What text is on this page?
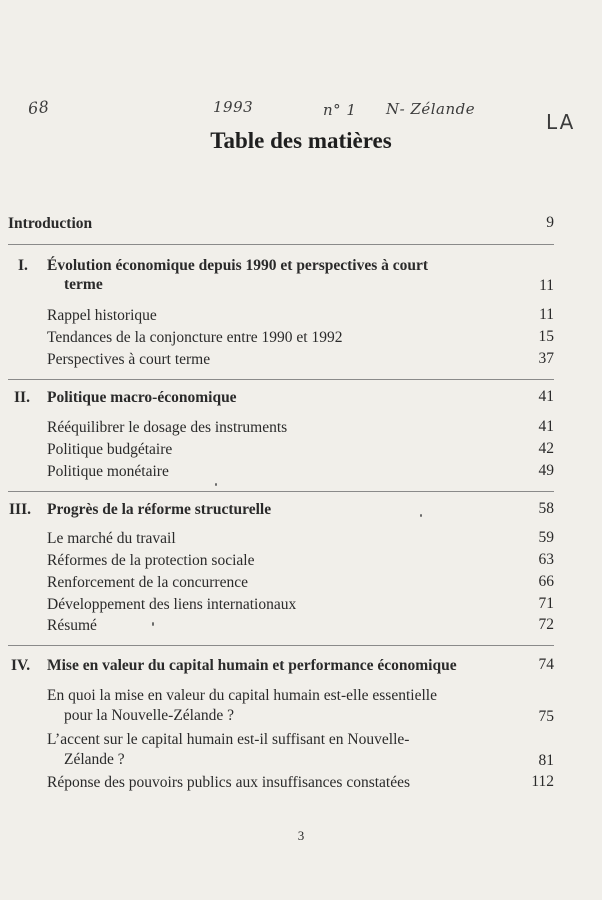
68	1993	n° 1 N- Zélande
LA
Table des matières
Introduction	9
I. Évolution économique depuis 1990 et perspectives à court
terme	11
Rappel historique	11
Tendances de la conjoncture entre 1990 et 1992	15
Perspectives à court terme	37
II. Politique macro-économique	41
Rééquilibrer le dosage des instruments	41
Politique budgétaire	42
Politique monétaire	49
III. Progrès de la réforme structurelle	58
Le marché du travail	59
Réformes de la protection sociale	63
Renforcement de la concurrence	66
Développement des liens internationaux	71
Résumé	72
IV. Mise en valeur du capital humain et performance économique	74
En quoi la mise en valeur du capital humain est-elle essentielle
pour la Nouvelle-Zélande ?	75
L’accent sur le capital humain est-il suffisant en Nouvelle-
Zélande ?	81
Réponse des pouvoirs publics aux insuffisances constatées	112
3
